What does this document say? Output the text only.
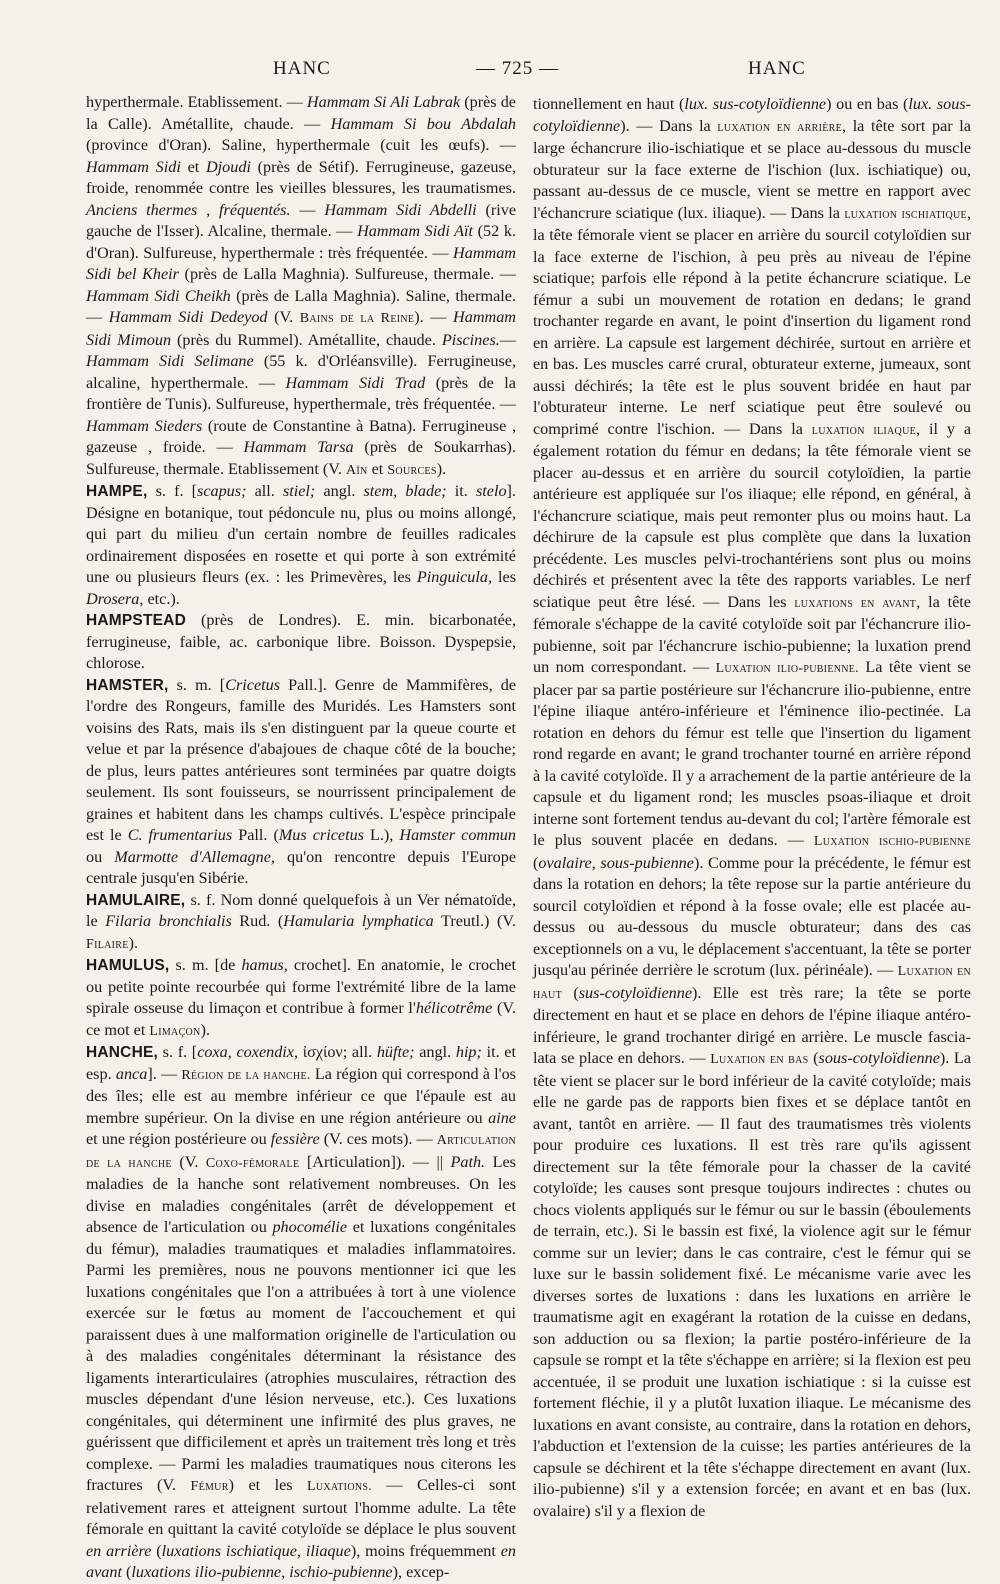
HANC	— 725 —	HANC

hyperthermale. Etablissement. — Hammam Si Ali Labrak (près de la Calle). Amétallite, chaude. — Hammam Si bou Abdalah (province d'Oran). Saline, hyperthermale (cuit les œufs). — Hammam Sidi et Djoudi (près de Sétif). Ferrugineuse, gazeuse, froide, renommée contre les vieilles blessures, les traumatismes. Anciens thermes , fréquentés. — Hammam Sidi Abdelli (rive gauche de l'Isser). Alcaline, thermale. — Hammam Sidi Aït (52 k. d'Oran). Sulfureuse, hyperthermale : très fréquentée. — Hammam Sidi bel Kheir (près de Lalla Maghnia). Sulfureuse, thermale. — Hammam Sidi Cheikh (près de Lalla Maghnia). Saline, thermale. — Hammam Sidi Dedeyod (V. Bains de la Reine). — Hammam Sidi Mimoun (près du Rummel). Amétallite, chaude. Piscines.— Hammam Sidi Selimane (55 k. d'Orléansville). Ferrugineuse, alcaline, hyperthermale. — Hammam Sidi Trad (près de la frontière de Tunis). Sulfureuse, hyperthermale, très fréquentée. — Hammam Sieders (route de Constantine à Batna). Ferrugineuse , gazeuse , froide. — Hammam Tarsa (près de Soukarrhas). Sulfureuse, thermale. Etablissement (V. Aïn et Sources).

HAMPE, s. f. [scapus; all. stiel; angl. stem, blade; it. stelo]. Désigne en botanique, tout pédoncule nu, plus ou moins allongé, qui part du milieu d'un certain nombre de feuilles radicales ordinairement disposées en rosette et qui porte à son extrémité une ou plusieurs fleurs (ex. : les Primevères, les Pinguicula, les Drosera, etc.).

HAMPSTEAD (près de Londres). E. min. bicarbonatée, ferrugineuse, faible, ac. carbonique libre. Boisson. Dyspepsie, chlorose.

HAMSTER, s. m. [Cricetus Pall.]. Genre de Mammifères, de l'ordre des Rongeurs, famille des Muridés. Les Hamsters sont voisins des Rats, mais ils s'en distinguent par la queue courte et velue et par la présence d'abajoues de chaque côté de la bouche; de plus, leurs pattes antérieures sont terminées par quatre doigts seulement. Ils sont fouisseurs, se nourrissent principalement de graines et habitent dans les champs cultivés. L'espèce principale est le C. frumentarius Pall. (Mus cricetus L.), Hamster commun ou Marmotte d'Allemagne, qu'on rencontre depuis l'Europe centrale jusqu'en Sibérie.

HAMULAIRE, s. f. Nom donné quelquefois à un Ver nématoïde, le Filaria bronchialis Rud. (Hamularia lymphatica Treutl.) (V. Filaire).

HAMULUS, s. m. [de hamus, crochet]. En anatomie, le crochet ou petite pointe recourbée qui forme l'extrémité libre de la lame spirale osseuse du limaçon et contribue à former l'hélicotrême (V. ce mot et Limaçon).

HANCHE, s. f. [coxa, coxendix, ἰσχίον; all. hüfte; angl. hip; it. et esp. anca]. — Région de la hanche. La région qui correspond à l'os des îles; elle est au membre inférieur ce que l'épaule est au membre supérieur. On la divise en une région antérieure ou aine et une région postérieure ou fessière (V. ces mots). — Articulation de la hanche (V. Coxo-fémorale [Articulation]). — || Path. Les maladies de la hanche sont relativement nombreuses. On les divise en maladies congénitales (arrêt de développement et absence de l'articulation ou phocomélie et luxations congénitales du fémur), maladies traumatiques et maladies inflammatoires. Parmi les premières, nous ne pouvons mentionner ici que les luxations congénitales que l'on a attribuées à tort à une violence exercée sur le fœtus au moment de l'accouchement et qui paraissent dues à une malformation originelle de l'articulation ou à des maladies congénitales déterminant la résistance des ligaments interarticulaires (atrophies musculaires, rétraction des muscles dépendant d'une lésion nerveuse, etc.). Ces luxations congénitales, qui déterminent une infirmité des plus graves, ne guérissent que difficilement et après un traitement très long et très complexe. — Parmi les maladies traumatiques nous citerons les fractures (V. Fémur) et les Luxations. — Celles-ci sont relativement rares et atteignent surtout l'homme adulte. La tête fémorale en quittant la cavité cotyloïde se déplace le plus souvent en arrière (luxations ischiatique, iliaque), moins fréquemment en avant (luxations ilio-pubienne, ischio-pubienne), excep-

tionnellement en haut (lux. sus-cotyloïdienne) ou en bas (lux. sous-cotyloïdienne). — Dans la luxation en arrière, la tête sort par la large échancrure ilio-ischiatique et se place au-dessous du muscle obturateur sur la face externe de l'ischion (lux. ischiatique) ou, passant au-dessus de ce muscle, vient se mettre en rapport avec l'échancrure sciatique (lux. iliaque). — Dans la luxation ischiatique, la tête fémorale vient se placer en arrière du sourcil cotyloïdien sur la face externe de l'ischion, à peu près au niveau de l'épine sciatique; parfois elle répond à la petite échancrure sciatique. Le fémur a subi un mouvement de rotation en dedans; le grand trochanter regarde en avant, le point d'insertion du ligament rond en arrière. La capsule est largement déchirée, surtout en arrière et en bas. Les muscles carré crural, obturateur externe, jumeaux, sont aussi déchirés; la tête est le plus souvent bridée en haut par l'obturateur interne. Le nerf sciatique peut être soulevé ou comprimé contre l'ischion. — Dans la luxation iliaque, il y a également rotation du fémur en dedans; la tête fémorale vient se placer au-dessus et en arrière du sourcil cotyloïdien, la partie antérieure est appliquée sur l'os iliaque; elle répond, en général, à l'échancrure sciatique, mais peut remonter plus ou moins haut. La déchirure de la capsule est plus complète que dans la luxation précédente. Les muscles pelvi-trochantériens sont plus ou moins déchirés et présentent avec la tête des rapports variables. Le nerf sciatique peut être lésé. — Dans les luxations en avant, la tête fémorale s'échappe de la cavité cotyloïde soit par l'échancrure ilio-pubienne, soit par l'échancrure ischio-pubienne; la luxation prend un nom correspondant. — Luxation ilio-pubienne. La tête vient se placer par sa partie postérieure sur l'échancrure ilio-pubienne, entre l'épine iliaque antéro-inférieure et l'éminence ilio-pectinée. La rotation en dehors du fémur est telle que l'insertion du ligament rond regarde en avant; le grand trochanter tourné en arrière répond à la cavité cotyloïde. Il y a arrachement de la partie antérieure de la capsule et du ligament rond; les muscles psoas-iliaque et droit interne sont fortement tendus au-devant du col; l'artère fémorale est le plus souvent placée en dedans. — Luxation ischio-pubienne (ovalaire, sous-pubienne). Comme pour la précédente, le fémur est dans la rotation en dehors; la tête repose sur la partie antérieure du sourcil cotyloïdien et répond à la fosse ovale; elle est placée au-dessus ou au-dessous du muscle obturateur; dans des cas exceptionnels on a vu, le déplacement s'accentuant, la tête se porter jusqu'au périnée derrière le scrotum (lux. périnéale). — Luxation en haut (sus-cotyloïdienne). Elle est très rare; la tête se porte directement en haut et se place en dehors de l'épine iliaque antéro-inférieure, le grand trochanter dirigé en arrière. Le muscle fascia-lata se place en dehors. — Luxation en bas (sous-cotyloïdienne). La tête vient se placer sur le bord inférieur de la cavité cotyloïde; mais elle ne garde pas de rapports bien fixes et se déplace tantôt en avant, tantôt en arrière. — Il faut des traumatismes très violents pour produire ces luxations. Il est très rare qu'ils agissent directement sur la tête fémorale pour la chasser de la cavité cotyloïde; les causes sont presque toujours indirectes : chutes ou chocs violents appliqués sur le fémur ou sur le bassin (éboulements de terrain, etc.). Si le bassin est fixé, la violence agit sur le fémur comme sur un levier; dans le cas contraire, c'est le fémur qui se luxe sur le bassin solidement fixé. Le mécanisme varie avec les diverses sortes de luxations : dans les luxations en arrière le traumatisme agit en exagérant la rotation de la cuisse en dedans, son adduction ou sa flexion; la partie postéro-inférieure de la capsule se rompt et la tête s'échappe en arrière; si la flexion est peu accentuée, il se produit une luxation ischiatique : si la cuisse est fortement fléchie, il y a plutôt luxation iliaque. Le mécanisme des luxations en avant consiste, au contraire, dans la rotation en dehors, l'abduction et l'extension de la cuisse; les parties antérieures de la capsule se déchirent et la tête s'échappe directement en avant (lux. ilio-pubienne) s'il y a extension forcée; en avant et en bas (lux. ovalaire) s'il y a flexion de
